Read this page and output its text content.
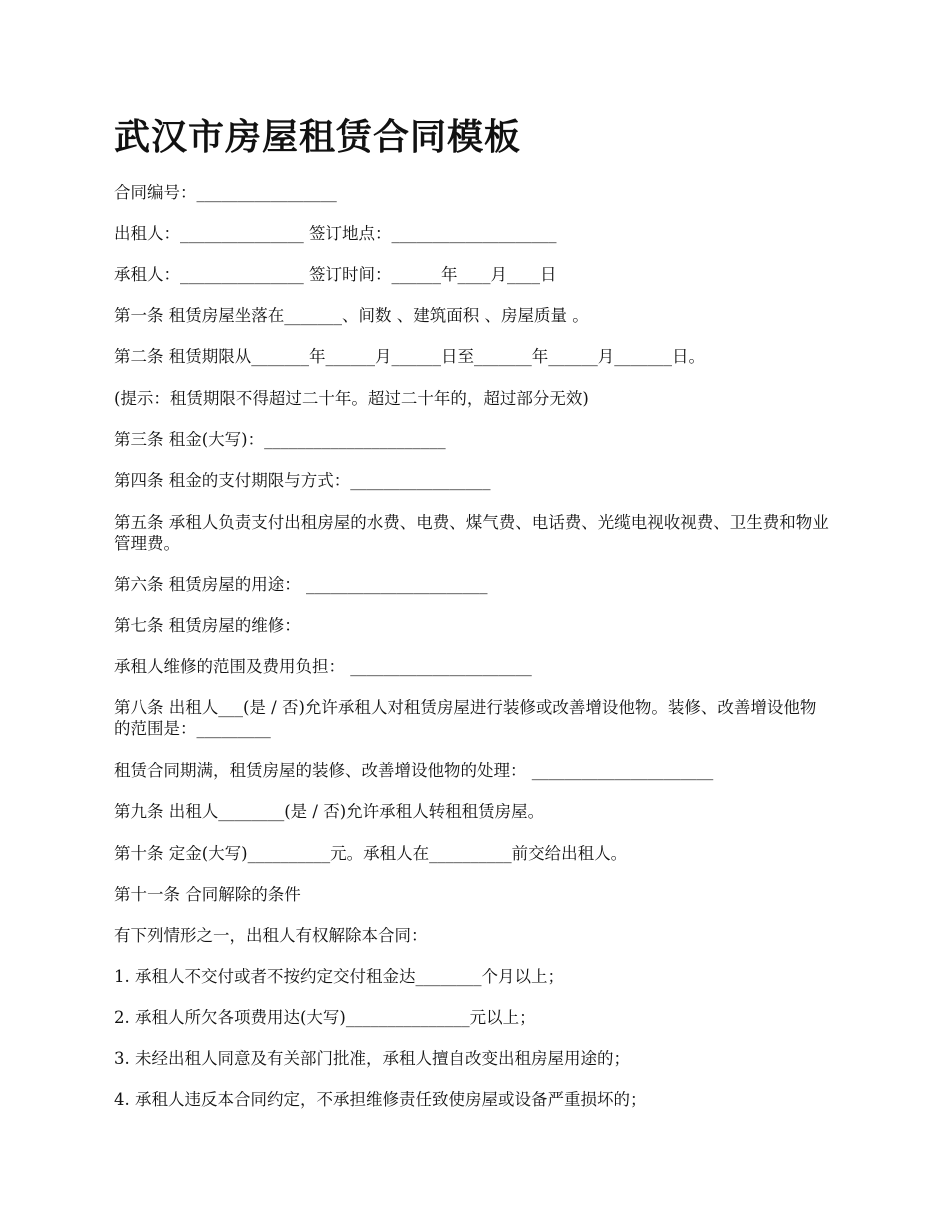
武汉市房屋租赁合同模板

合同编号：_________________

出租人：_______________ 签订地点：____________________

承租人：_______________ 签订时间：______年____月____日

第一条 租赁房屋坐落在_______、间数 、建筑面积 、房屋质量 。

第二条 租赁期限从_______年______月______日至_______年______月_______日。

(提示：租赁期限不得超过二十年。超过二十年的，超过部分无效)

第三条 租金(大写)：______________________

第四条 租金的支付期限与方式：_________________

第五条 承租人负责支付出租房屋的水费、电费、煤气费、电话费、光缆电视收视费、卫生费和物业管理费。

第六条 租赁房屋的用途： ______________________

第七条 租赁房屋的维修：

承租人维修的范围及费用负担： ______________________

第八条 出租人___(是 / 否)允许承租人对租赁房屋进行装修或改善增设他物。装修、改善增设他物的范围是：_________

租赁合同期满，租赁房屋的装修、改善增设他物的处理： ______________________

第九条 出租人________(是 / 否)允许承租人转租租赁房屋。

第十条 定金(大写)__________元。承租人在__________前交给出租人。

第十一条 合同解除的条件

有下列情形之一，出租人有权解除本合同：

1. 承租人不交付或者不按约定交付租金达________个月以上；

2. 承租人所欠各项费用达(大写)_______________元以上；

3. 未经出租人同意及有关部门批准，承租人擅自改变出租房屋用途的；

4. 承租人违反本合同约定，不承担维修责任致使房屋或设备严重损坏的；
